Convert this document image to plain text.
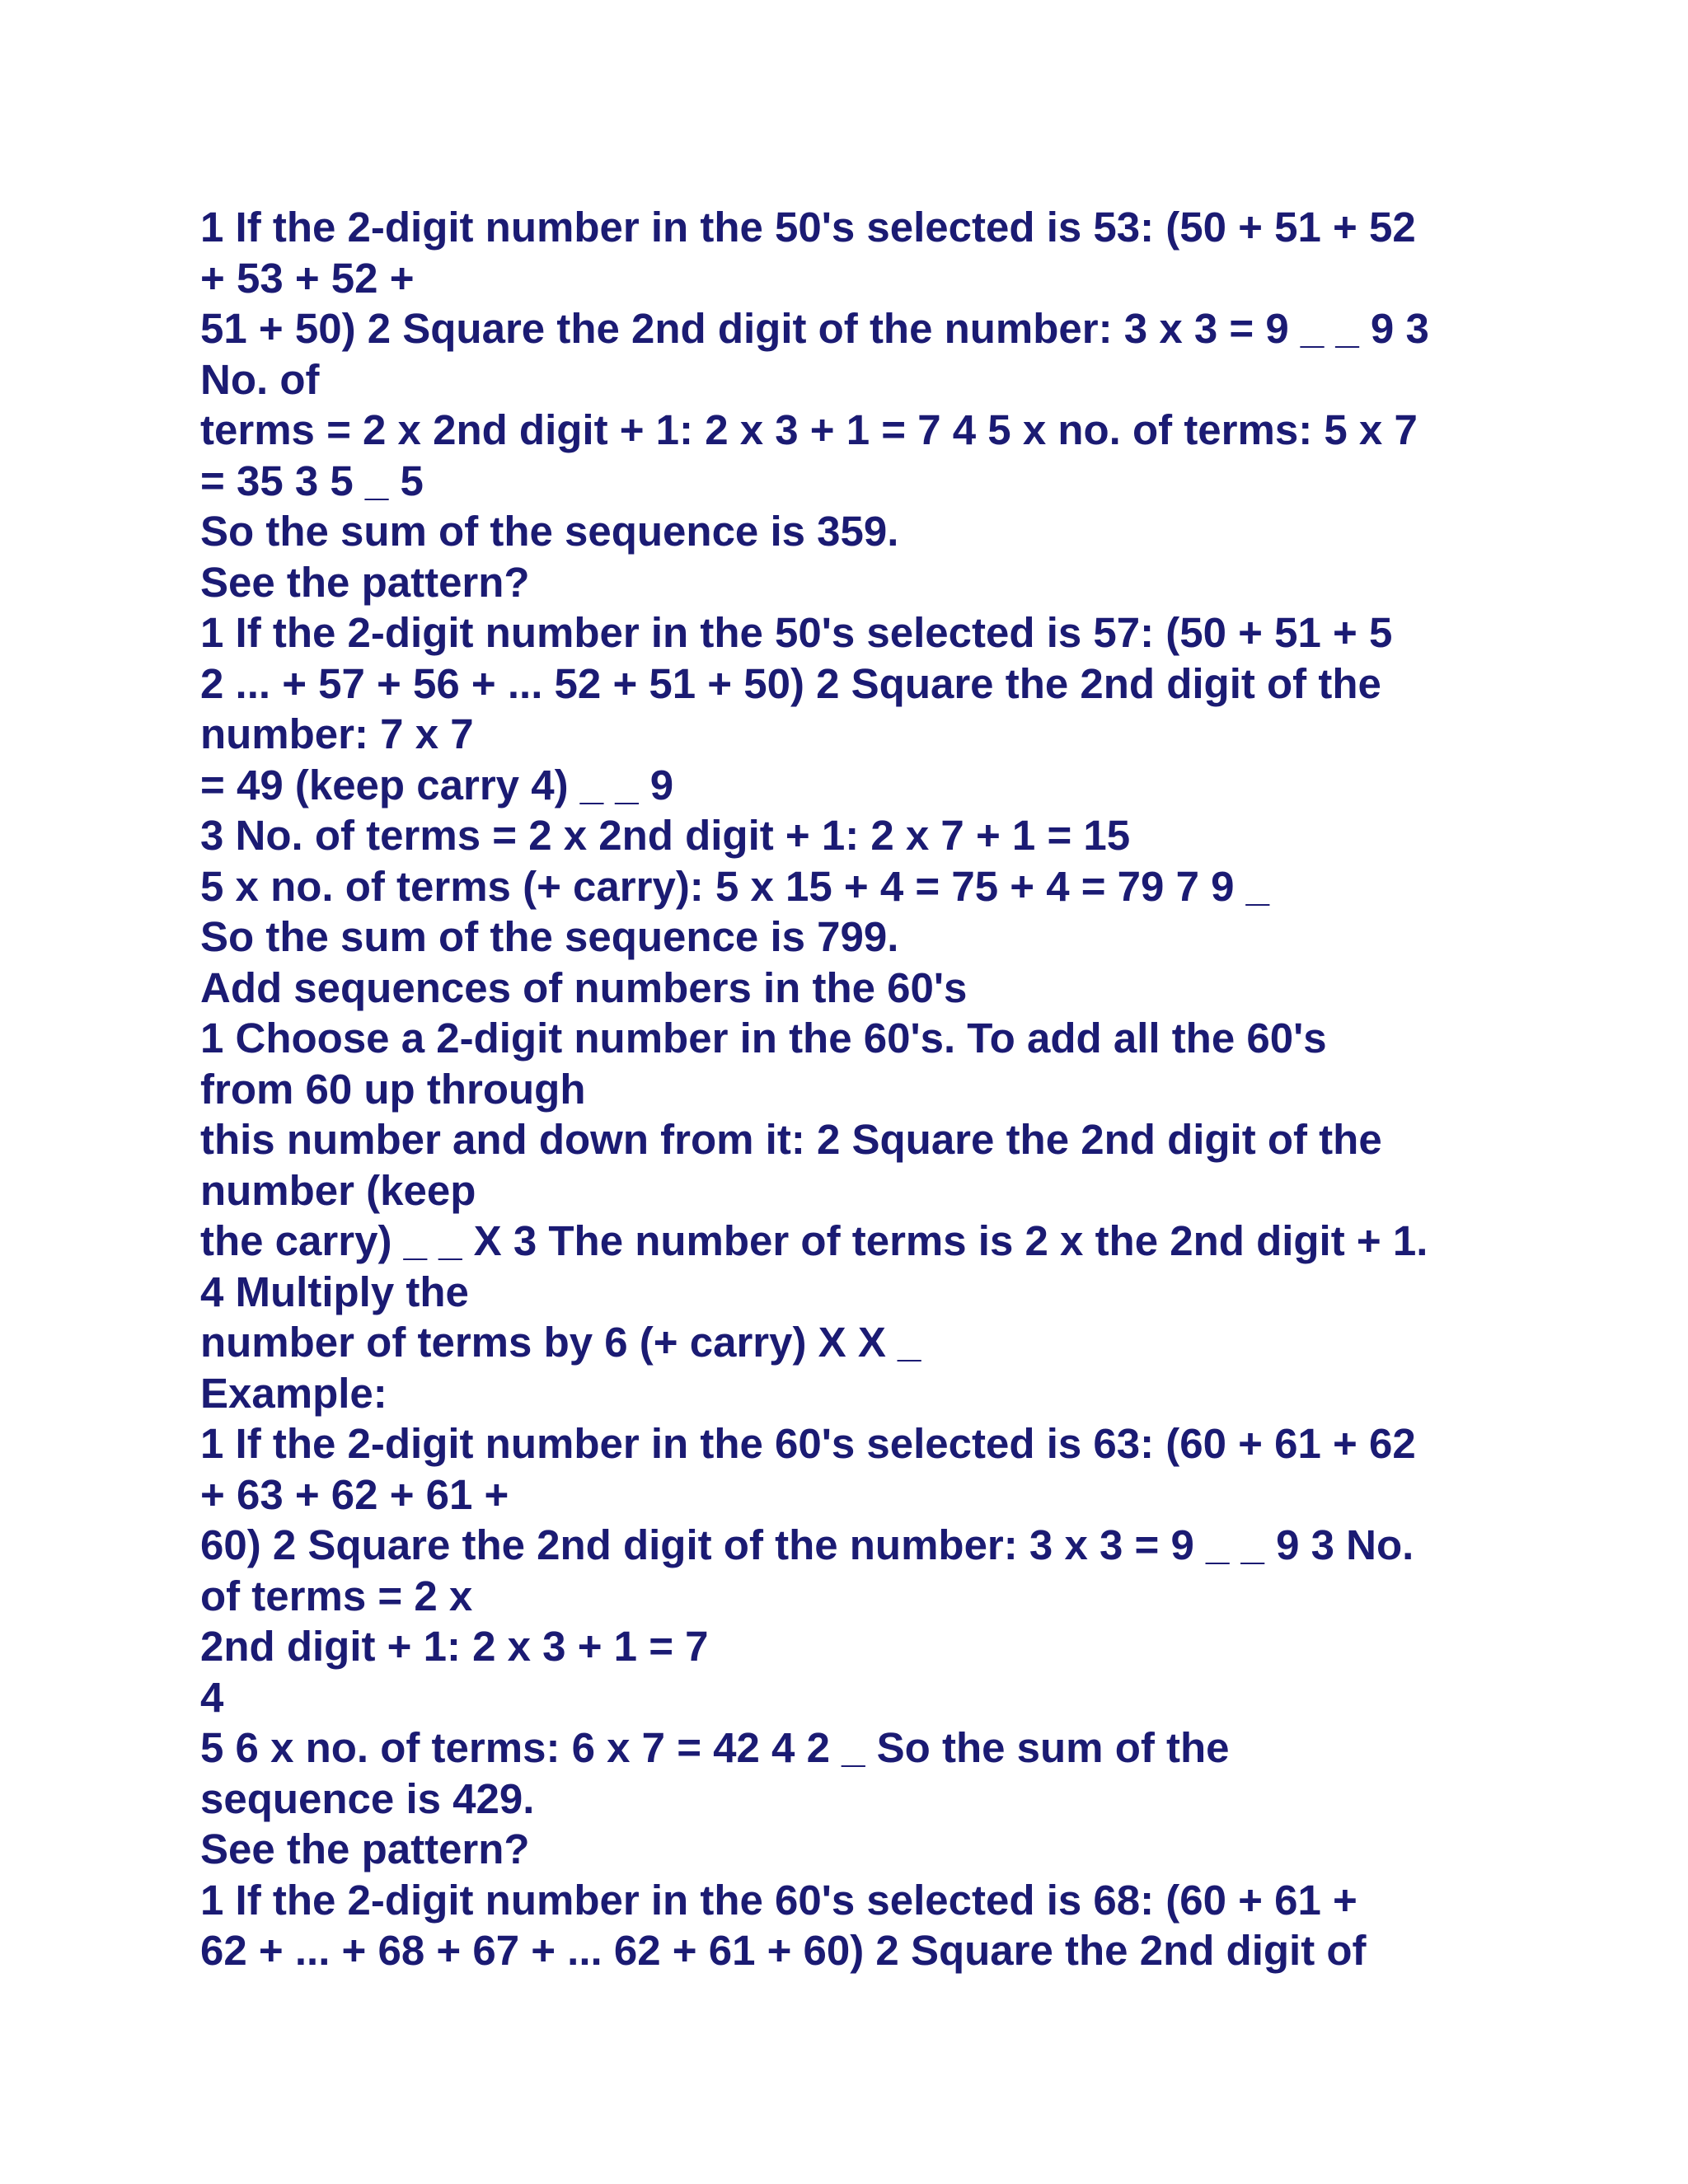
1 If the 2-digit number in the 50's selected is 53: (50 + 51 + 52
+ 53 + 52 +
51 + 50) 2 Square the 2nd digit of the number: 3 x 3 = 9 _ _ 9 3
No. of
terms = 2 x 2nd digit + 1: 2 x 3 + 1 = 7 4 5 x no. of terms: 5 x 7
= 35 3 5 _ 5
So the sum of the sequence is 359.
See the pattern?
1 If the 2-digit number in the 50's selected is 57: (50 + 51 + 5
2 ... + 57 + 56 + ... 52 + 51 + 50) 2 Square the 2nd digit of the
number: 7 x 7
= 49 (keep carry 4) _ _ 9
3 No. of terms = 2 x 2nd digit + 1: 2 x 7 + 1 = 15
5 x no. of terms (+ carry): 5 x 15 + 4 = 75 + 4 = 79 7 9 _
So the sum of the sequence is 799.
Add sequences of numbers in the 60's
1 Choose a 2-digit number in the 60's. To add all the 60's
from 60 up through
this number and down from it: 2 Square the 2nd digit of the
number (keep
the carry) _ _ X 3 The number of terms is 2 x the 2nd digit + 1.
4 Multiply the
number of terms by 6 (+ carry) X X _
Example:
1 If the 2-digit number in the 60's selected is 63: (60 + 61 + 62
+ 63 + 62 + 61 +
60) 2 Square the 2nd digit of the number: 3 x 3 = 9 _ _ 9 3 No.
of terms = 2 x
2nd digit + 1: 2 x 3 + 1 = 7
4
5 6 x no. of terms: 6 x 7 = 42 4 2 _ So the sum of the
sequence is 429.
See the pattern?
1 If the 2-digit number in the 60's selected is 68: (60 + 61 +
62 + ... + 68 + 67 + ... 62 + 61 + 60) 2 Square the 2nd digit of
